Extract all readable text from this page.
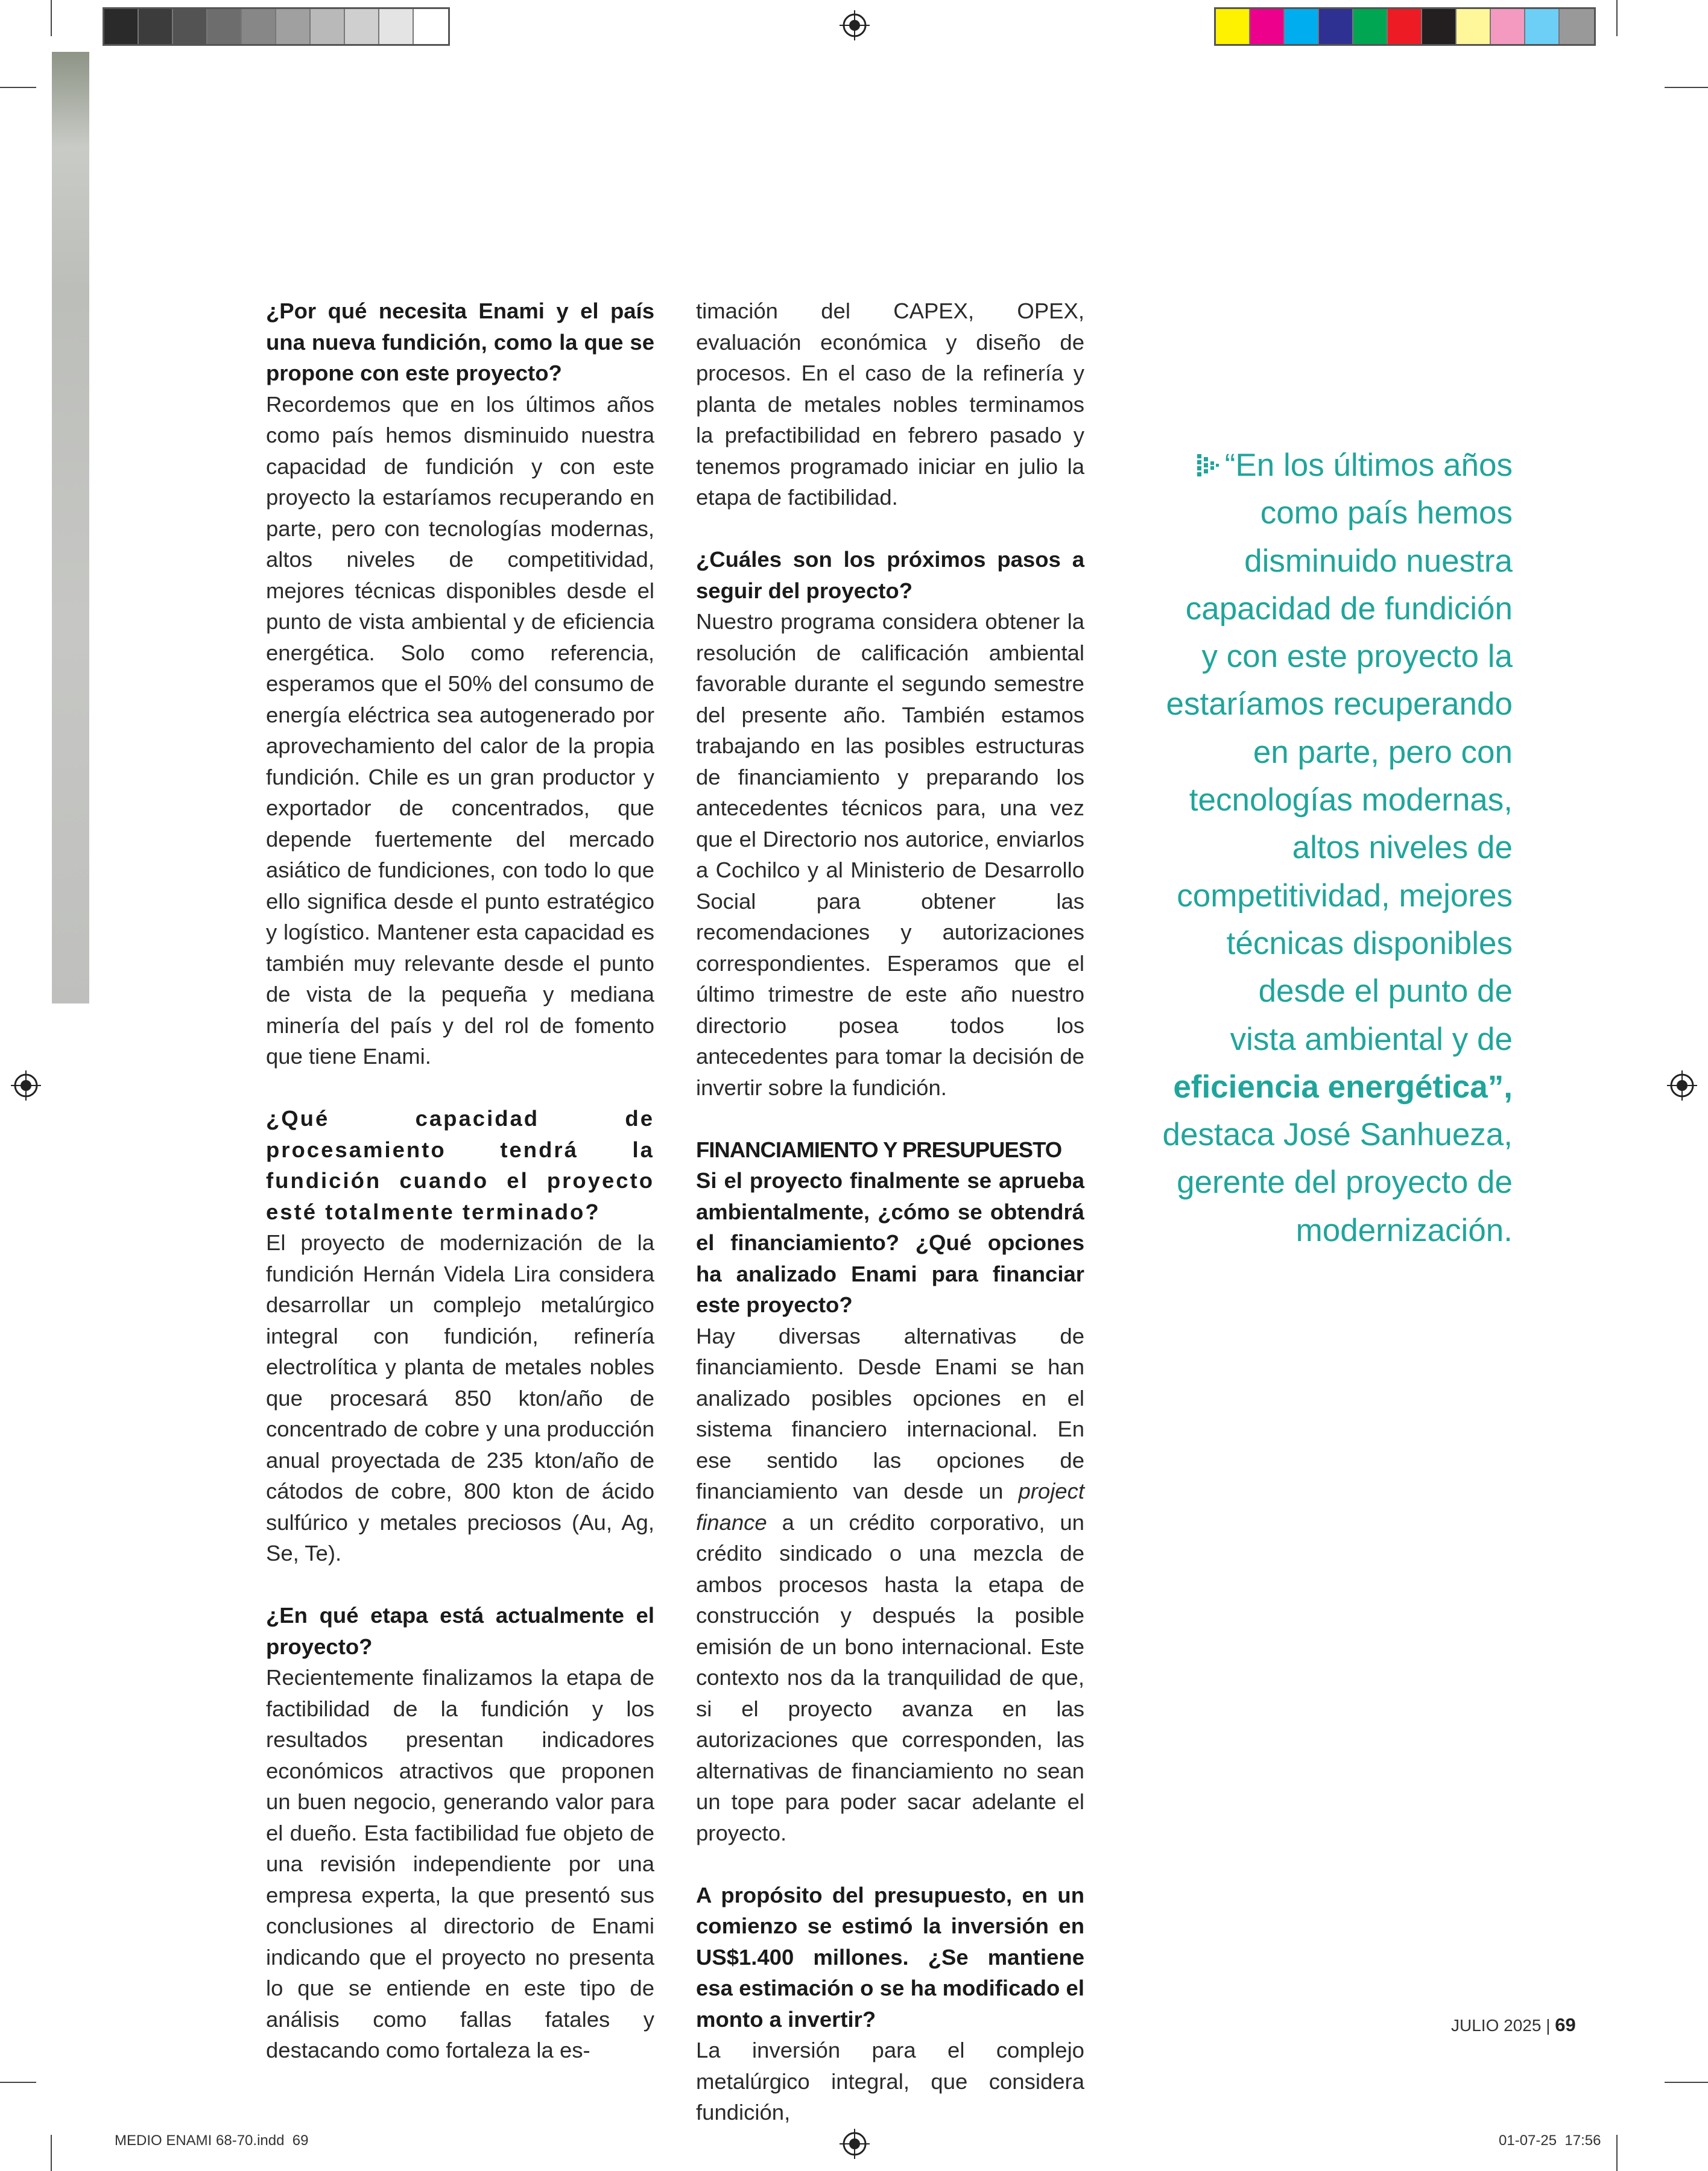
¿Por qué necesita Enami y el país una nueva fundición, como la que se propone con este proyecto?

Recordemos que en los últimos años como país hemos disminuido nuestra capacidad de fundición y con este proyecto la estaríamos recuperando en parte, pero con tecnologías modernas, altos niveles de competitividad, mejores técnicas disponibles desde el punto de vista ambiental y de eficiencia energética. Solo como referencia, esperamos que el 50% del consumo de energía eléctrica sea autogenerado por aprovechamiento del calor de la propia fundición. Chile es un gran productor y exportador de concentrados, que depende fuertemente del mercado asiático de fundiciones, con todo lo que ello significa desde el punto estratégico y logístico. Mantener esta capacidad es también muy relevante desde el punto de vista de la pequeña y mediana minería del país y del rol de fomento que tiene Enami.

¿Qué capacidad de procesamiento tendrá la fundición cuando el proyecto esté totalmente terminado?

El proyecto de modernización de la fundición Hernán Videla Lira considera desarrollar un complejo metalúrgico integral con fundición, refinería electrolítica y planta de metales nobles que procesará 850 kton/año de concentrado de cobre y una producción anual proyectada de 235 kton/año de cátodos de cobre, 800 kton de ácido sulfúrico y metales preciosos (Au, Ag, Se, Te).

¿En qué etapa está actualmente el proyecto?

Recientemente finalizamos la etapa de factibilidad de la fundición y los resultados presentan indicadores económicos atractivos que proponen un buen negocio, generando valor para el dueño. Esta factibilidad fue objeto de una revisión independiente por una empresa experta, la que presentó sus conclusiones al directorio de Enami indicando que el proyecto no presenta lo que se entiende en este tipo de análisis como fallas fatales y destacando como fortaleza la es-

timación del CAPEX, OPEX, evaluación económica y diseño de procesos. En el caso de la refinería y planta de metales nobles terminamos la prefactibilidad en febrero pasado y tenemos programado iniciar en julio la etapa de factibilidad.

¿Cuáles son los próximos pasos a seguir del proyecto?

Nuestro programa considera obtener la resolución de calificación ambiental favorable durante el segundo semestre del presente año. También estamos trabajando en las posibles estructuras de financiamiento y preparando los antecedentes técnicos para, una vez que el Directorio nos autorice, enviarlos a Cochilco y al Ministerio de Desarrollo Social para obtener las recomendaciones y autorizaciones correspondientes. Esperamos que el último trimestre de este año nuestro directorio posea todos los antecedentes para tomar la decisión de invertir sobre la fundición.

FINANCIAMIENTO Y PRESUPUESTO

Si el proyecto finalmente se aprueba ambientalmente, ¿cómo se obtendrá el financiamiento? ¿Qué opciones ha analizado Enami para financiar este proyecto?

Hay diversas alternativas de financiamiento. Desde Enami se han analizado posibles opciones en el sistema financiero internacional. En ese sentido las opciones de financiamiento van desde un project finance a un crédito corporativo, un crédito sindicado o una mezcla de ambos procesos hasta la etapa de construcción y después la posible emisión de un bono internacional. Este contexto nos da la tranquilidad de que, si el proyecto avanza en las autorizaciones que corresponden, las alternativas de financiamiento no sean un tope para poder sacar adelante el proyecto.

A propósito del presupuesto, en un comienzo se estimó la inversión en US$1.400 millones. ¿Se mantiene esa estimación o se ha modificado el monto a invertir?

La inversión para el complejo metalúrgico integral, que considera fundición,

“En los últimos años
como país hemos
disminuido nuestra
capacidad de fundición
y con este proyecto la
estaríamos recuperando
en parte, pero con
tecnologías modernas,
altos niveles de
competitividad, mejores
técnicas disponibles
desde el punto de
vista ambiental y de
eficiencia energética”,
destaca José Sanhueza,
gerente del proyecto de
modernización.
JULIO 2025 | 69
MEDIO ENAMI 68-70.indd 69	01-07-25 17:56
